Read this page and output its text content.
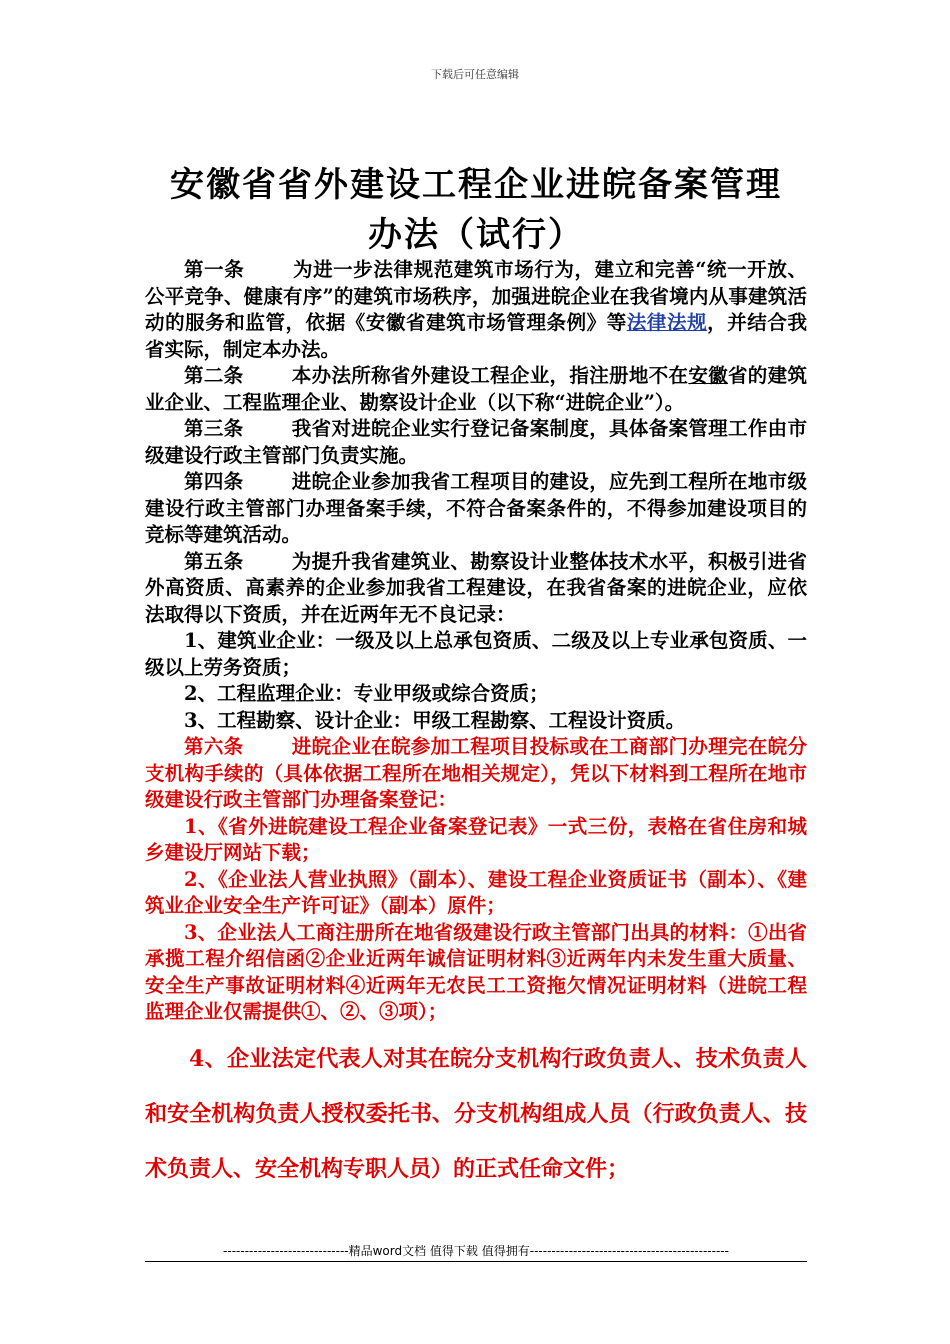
下载后可任意编辑
安徽省省外建设工程企业进皖备案管理
办法（试行）

第一条 为进一步法律规范建筑市场行为，建立和完善“统一开放、公平竞争、健康有序”的建筑市场秩序，加强进皖企业在我省境内从事建筑活动的服务和监管，依据《安徽省建筑市场管理条例》等法律法规，并结合我省实际，制定本办法。

第二条 本办法所称省外建设工程企业，指注册地不在安徽省的建筑业企业、工程监理企业、勘察设计企业（以下称“进皖企业”）。

第三条 我省对进皖企业实行登记备案制度，具体备案管理工作由市级建设行政主管部门负责实施。

第四条 进皖企业参加我省工程项目的建设，应先到工程所在地市级建设行政主管部门办理备案手续，不符合备案条件的，不得参加建设项目的竞标等建筑活动。

第五条 为提升我省建筑业、勘察设计业整体技术水平，积极引进省外高资质、高素养的企业参加我省工程建设，在我省备案的进皖企业，应依法取得以下资质，并在近两年无不良记录：

1、建筑业企业：一级及以上总承包资质、二级及以上专业承包资质、一级以上劳务资质；

2、工程监理企业：专业甲级或综合资质；

3、工程勘察、设计企业：甲级工程勘察、工程设计资质。

第六条 进皖企业在皖参加工程项目投标或在工商部门办理完在皖分支机构手续的（具体依据工程所在地相关规定），凭以下材料到工程所在地市级建设行政主管部门办理备案登记：

1、《省外进皖建设工程企业备案登记表》一式三份，表格在省住房和城乡建设厅网站下载；

2、《企业法人营业执照》（副本）、建设工程企业资质证书（副本）、《建筑业企业安全生产许可证》（副本）原件；

3、企业法人工商注册所在地省级建设行政主管部门出具的材料：①出省承揽工程介绍信函②企业近两年诚信证明材料③近两年内未发生重大质量、安全生产事故证明材料④近两年无农民工工资拖欠情况证明材料（进皖工程监理企业仅需提供①、②、③项）；

4、企业法定代表人对其在皖分支机构行政负责人、技术负责人和安全机构负责人授权委托书、分支机构组成人员（行政负责人、技术负责人、安全机构专职人员）的正式任命文件；

-----------------------------精品word文档 值得下载 值得拥有----------------------------------------------
